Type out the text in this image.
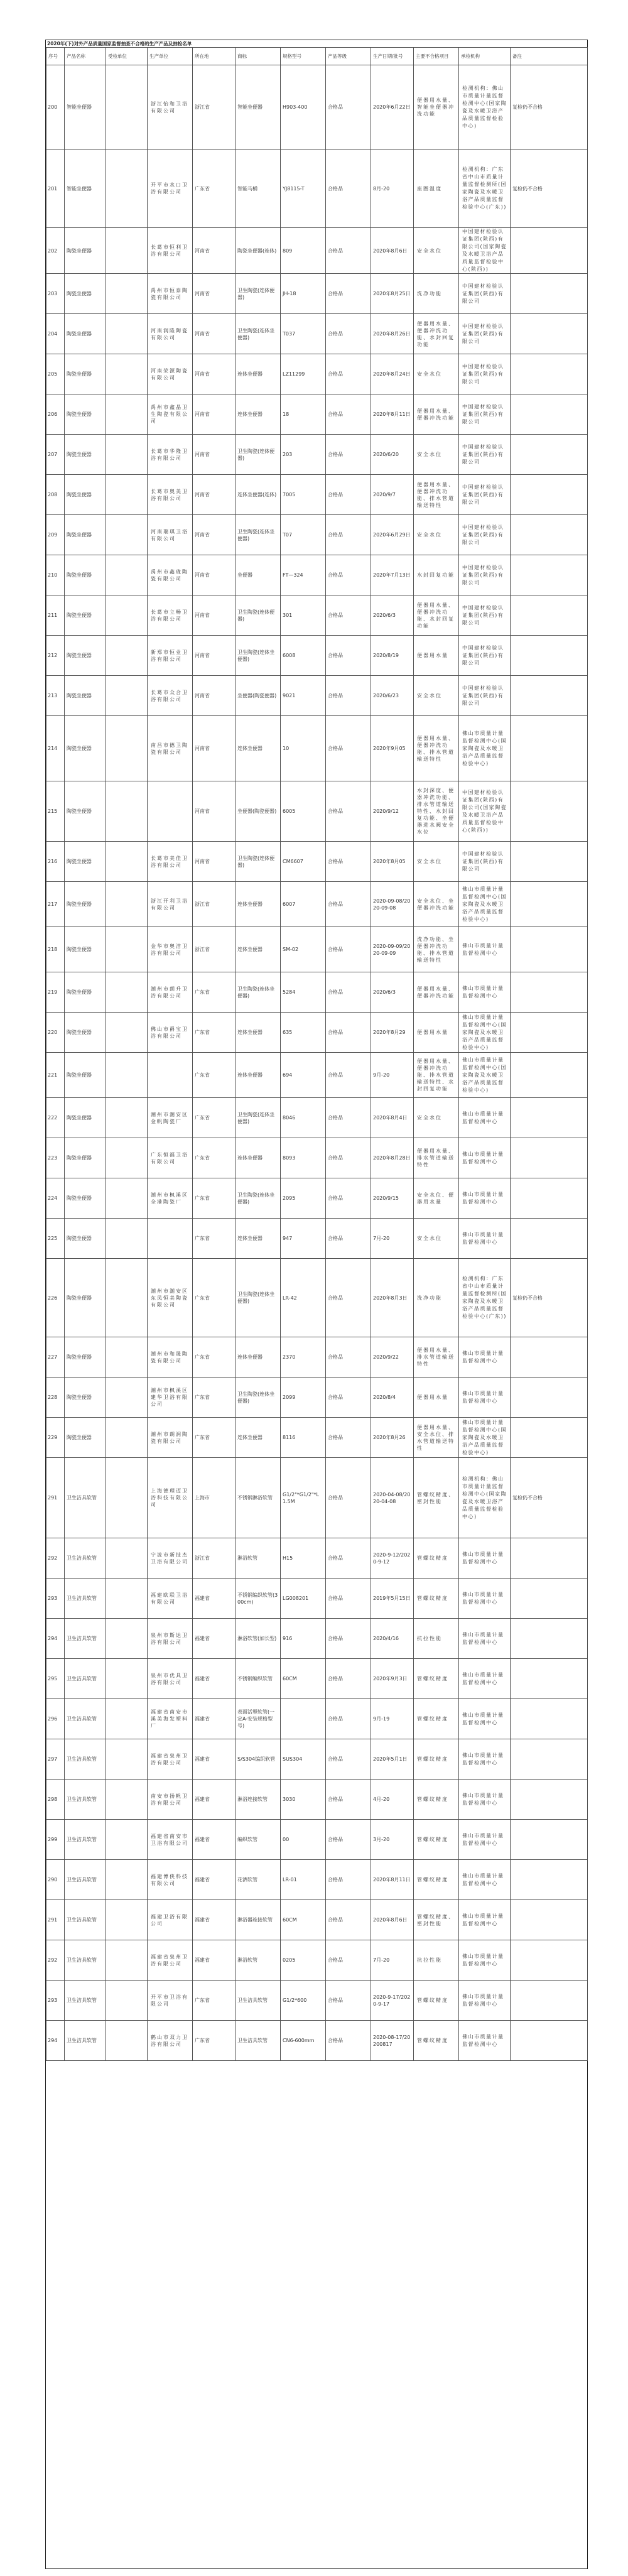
2020年(下)对外产品质量国家监督抽查不合格的生产产品及抽检名单
序号	产品名称	受检单位	生产单位	所在地	商标	规格型号	产品等级	生产日期/批号	主要不合格项目	承检机构	备注
200	智能坐便器		浙江怡和卫浴有限公司	浙江省	智能坐便器	H903-400	合格品	2020年6月22日	便器用水量、智能坐便器冲洗功能	检测机构：佛山市质量计量监督检测中心(国家陶瓷及水暖卫浴产品质量监督检验中心)	复检仍不合格
201	智能坐便器		开平市水口卫浴有限公司	广东省	智能马桶	YJ8115-T	合格品	8月-20	座圈温度	检测机构：广东省中山市质量计量监督检测所(国家陶瓷及水暖卫浴产品质量监督检验中心(广东))	复检仍不合格
202	陶瓷坐便器		长葛市恒利卫浴有限公司	河南省	陶瓷坐便器(连体)	809	合格品	2020年8月6日	安全水位	中国建材检验认证集团(陕西)有限公司(国家陶瓷及水暖卫浴产品质量监督检验中心(陕西))	
203	陶瓷坐便器		禹州市恒泰陶瓷有限公司	河南省	卫生陶瓷(连体便器)	JH-18	合格品	2020年8月25日	洗净功能	中国建材检验认证集团(陕西)有限公司	
204	陶瓷坐便器		河南润隆陶瓷有限公司	河南省	卫生陶瓷(连体坐便器)	T037	合格品	2020年8月26日	便器用水量、便器冲洗功能、水封回复功能	中国建材检验认证集团(陕西)有限公司	
205	陶瓷坐便器		河南荣源陶瓷有限公司	河南省	连体坐便器	LZ11299	合格品	2020年8月24日	安全水位	中国建材检验认证集团(陕西)有限公司	
206	陶瓷坐便器		禹州市鑫晶卫生陶瓷有限公司	河南省	连体坐便器	18	合格品	2020年8月11日	便器用水量、便器冲洗功能	中国建材检验认证集团(陕西)有限公司	
207	陶瓷坐便器		长葛市华隆卫浴有限公司	河南省	卫生陶瓷(连体便器)	203	合格品	2020/6/20	安全水位	中国建材检验认证集团(陕西)有限公司	
208	陶瓷坐便器		长葛市奥美卫浴有限公司	河南省	连体坐便器(连体)	7005	合格品	2020/9/7	便器用水量、便器冲洗功能、排水管道输送特性	中国建材检验认证集团(陕西)有限公司	
209	陶瓷坐便器		河南瑞琪卫浴有限公司	河南省	卫生陶瓷(连体坐便器)	T07	合格品	2020年6月29日	安全水位	中国建材检验认证集团(陕西)有限公司	
210	陶瓷坐便器		禹州市鑫珑陶瓷有限公司	河南省	坐便器	FT—324	合格品	2020年7月13日	水封回复功能	中国建材检验认证集团(陕西)有限公司	
211	陶瓷坐便器		长葛市立畅卫浴有限公司	河南省	卫生陶瓷(连体便器)	301	合格品	2020/6/3	便器用水量、便器冲洗功能、水封回复功能	中国建材检验认证集团(陕西)有限公司	
212	陶瓷坐便器		新郑市恒业卫浴有限公司	河南省	卫生陶瓷(连体坐便器)	6008	合格品	2020/8/19	便器用水量	中国建材检验认证集团(陕西)有限公司	
213	陶瓷坐便器		长葛市众合卫浴有限公司	河南省	坐便器(陶瓷便器)	9021	合格品	2020/6/23	安全水位	中国建材检验认证集团(陕西)有限公司	
214	陶瓷坐便器		南昌市德卫陶瓷有限公司	河南省	连体坐便器	10	合格品	2020年9月05	便器用水量、便器冲洗功能、排水管道输送特性	佛山市质量计量监督检测中心(国家陶瓷及水暖卫浴产品质量监督检验中心)	
215	陶瓷坐便器			河南省	坐便器(陶瓷便器)	6005	合格品	2020/9/12	水封深度、便器冲洗功能、排水管道输送特性、水封回复功能、坐便器进水阀安全水位	中国建材检验认证集团(陕西)有限公司(国家陶瓷及水暖卫浴产品质量监督检验中心(陕西))	
216	陶瓷坐便器		长葛市美佳卫浴有限公司	河南省	卫生陶瓷(连体便器)	CM6607	合格品	2020年8月05	安全水位	中国建材检验认证集团(陕西)有限公司	
217	陶瓷坐便器		浙江开利卫浴有限公司	浙江省	连体坐便器	6007	合格品	2020-09-08/2020-09-08	安全水位、坐便器冲洗功能	佛山市质量计量监督检测中心(国家陶瓷及水暖卫浴产品质量监督检验中心)	
218	陶瓷坐便器		金华市奥洁卫浴有限公司	浙江省	连体坐便器	SM-02	合格品	2020-09-09/2020-09-09	洗净功能、坐便器冲洗功能、排水管道输送特性	佛山市质量计量监督检测中心	
219	陶瓷坐便器		潮州市朗升卫浴有限公司	广东省	卫生陶瓷(连体坐便器)	5284	合格品	2020/6/3	便器用水量、便器冲洗功能	佛山市质量计量监督检测中心	
220	陶瓷坐便器		佛山市爵宝卫浴有限公司	广东省	连体坐便器	635	合格品	2020年8月29	便器用水量	佛山市质量计量监督检测中心(国家陶瓷及水暖卫浴产品质量监督检验中心)	
221	陶瓷坐便器			广东省	连体坐便器	694	合格品	9月-20	便器用水量、便器冲洗功能、排水管道输送特性、水封回复功能	佛山市质量计量监督检测中心(国家陶瓷及水暖卫浴产品质量监督检验中心)	
222	陶瓷坐便器		潮州市潮安区金帆陶瓷厂	广东省	卫生陶瓷(连体坐便器)	8046	合格品	2020年8月4日	安全水位	佛山市质量计量监督检测中心	
223	陶瓷坐便器		广东恒福卫浴有限公司	广东省	连体坐便器	8093	合格品	2020年8月28日	便器用水量、排水管道输送特性	佛山市质量计量监督检测中心	
224	陶瓷坐便器		潮州市枫溪区全港陶瓷厂	广东省	卫生陶瓷(连体坐便器)	2095	合格品	2020/9/15	安全水位、便器用水量	佛山市质量计量监督检测中心	
225	陶瓷坐便器			广东省	连体坐便器	947	合格品	7月-20	安全水位	佛山市质量计量监督检测中心	
226	陶瓷坐便器		潮州市潮安区东凤恒美陶瓷有限公司	广东省	卫生陶瓷(连体坐便器)	LR-42	合格品	2020年8月3日	洗净功能	检测机构：广东省中山市质量计量监督检测所(国家陶瓷及水暖卫浴产品质量监督检验中心(广东))	复检仍不合格
227	陶瓷坐便器		潮州市和晟陶瓷有限公司	广东省	连体坐便器	2370	合格品	2020/9/22	便器用水量、排水管道输送特性	佛山市质量计量监督检测中心	
228	陶瓷坐便器		潮州市枫溪区建华卫浴有限公司	广东省	卫生陶瓷(连体坐便器)	2099	合格品	2020/8/4	便器用水量	佛山市质量计量监督检测中心	
229	陶瓷坐便器		潮州市朗润陶瓷有限公司	广东省	连体坐便器	8116	合格品	2020年8月26	便器用水量、安全水位、排水管道输送特性	佛山市质量计量监督检测中心(国家陶瓷及水暖卫浴产品质量监督检验中心)	
291	卫生洁具软管		上海德理迈卫浴科技有限公司	上海市	不锈钢淋浴软管	G1/2"*G1/2"*L1.5M	合格品	2020-04-08/2020-04-08	管螺纹精度、密封性能	检测机构：佛山市质量计量监督检测中心(国家陶瓷及水暖卫浴产品质量监督检验中心)	复检仍不合格
292	卫生洁具软管		宁波市新技杰卫浴有限公司	浙江省	淋浴软管	H15	合格品	2020-9-12/2020-9-12	管螺纹精度	佛山市质量计量监督检测中心	
293	卫生洁具软管		福建欧联卫浴有限公司	福建省	不锈钢编织软管(300cm)	LG008201	合格品	2019年5月15日	管螺纹精度	佛山市质量计量监督检测中心	
294	卫生洁具软管		泉州市斯达卫浴有限公司	福建省	淋浴软管(加长型)	916	合格品	2020/4/16	抗拉性能	佛山市质量计量监督检测中心	
295	卫生洁具软管		泉州市优具卫浴有限公司	福建省	不锈钢编织软管	60CM	合格品	2020年9月3日	管螺纹精度	佛山市质量计量监督检测中心	
296	卫生洁具软管		福建省南安市溪美海发塑料厂	福建省	表面活塑软管(一定A-安装规格型号)		合格品	9月-19	管螺纹精度	佛山市质量计量监督检测中心	
297	卫生洁具软管		福建省泉州卫浴有限公司	福建省	S/S304编织软管	SUS304	合格品	2020年5月1日	管螺纹精度	佛山市质量计量监督检测中心	
298	卫生洁具软管		南安市扬帆卫浴有限公司	福建省	淋浴连接软管	3030	合格品	4月-20	管螺纹精度	佛山市质量计量监督检测中心	
299	卫生洁具软管		福建省南安市卫浴有限公司	福建省	编织软管	00	合格品	3月-20	管螺纹精度	佛山市质量计量监督检测中心	
290	卫生洁具软管		福建博侠科技有限公司	福建省	花洒软管	LR-01	合格品	2020年8月11日	管螺纹精度	佛山市质量计量监督检测中心	
291	卫生洁具软管		福建卫浴有限公司	福建省	淋浴器连接软管	60CM	合格品	2020年8月6日	管螺纹精度、密封性能	佛山市质量计量监督检测中心	
292	卫生洁具软管		福建省泉州卫浴有限公司	福建省	淋浴软管	0205	合格品	7月-20	抗拉性能	佛山市质量计量监督检测中心	
293	卫生洁具软管		开平市卫浴有限公司	广东省	卫生洁具软管	G1/2*600	合格品	2020-9-17/2020-9-17	管螺纹精度	佛山市质量计量监督检测中心	
294	卫生洁具软管		鹤山市双力卫浴有限公司	广东省	卫生洁具软管	CN6-600mm	合格品	2020-08-17/20200817	管螺纹精度	佛山市质量计量监督检测中心	
